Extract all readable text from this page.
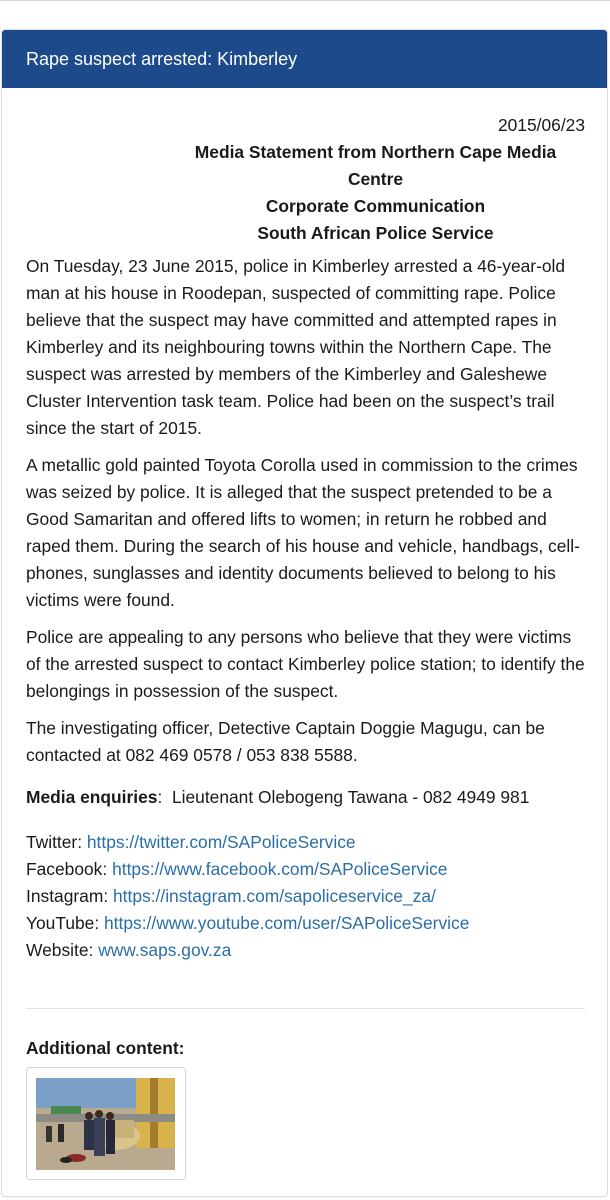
Rape suspect arrested: Kimberley
2015/06/23
Media Statement from Northern Cape Media Centre
Corporate Communication
South African Police Service

On Tuesday, 23 June 2015, police in Kimberley arrested a 46-year-old man at his house in Roodepan, suspected of committing rape. Police believe that the suspect may have committed and attempted rapes in Kimberley and its neighbouring towns within the Northern Cape. The suspect was arrested by members of the Kimberley and Galeshewe Cluster Intervention task team. Police had been on the suspect’s trail since the start of 2015.

A metallic gold painted Toyota Corolla used in commission to the crimes was seized by police. It is alleged that the suspect pretended to be a Good Samaritan and offered lifts to women; in return he robbed and raped them. During the search of his house and vehicle, handbags, cell-phones, sunglasses and identity documents believed to belong to his victims were found.

Police are appealing to any persons who believe that they were victims of the arrested suspect to contact Kimberley police station; to identify the belongings in possession of the suspect.

The investigating officer, Detective Captain Doggie Magugu, can be contacted at 082 469 0578 / 053 838 5588.

Media enquiries:  Lieutenant Olebogeng Tawana - 082 4949 981
Twitter: https://twitter.com/SAPoliceService
Facebook: https://www.facebook.com/SAPoliceService
Instagram: https://instagram.com/sapoliceservice_za/
YouTube: https://www.youtube.com/user/SAPoliceService
Website: www.saps.gov.za
Additional content:
